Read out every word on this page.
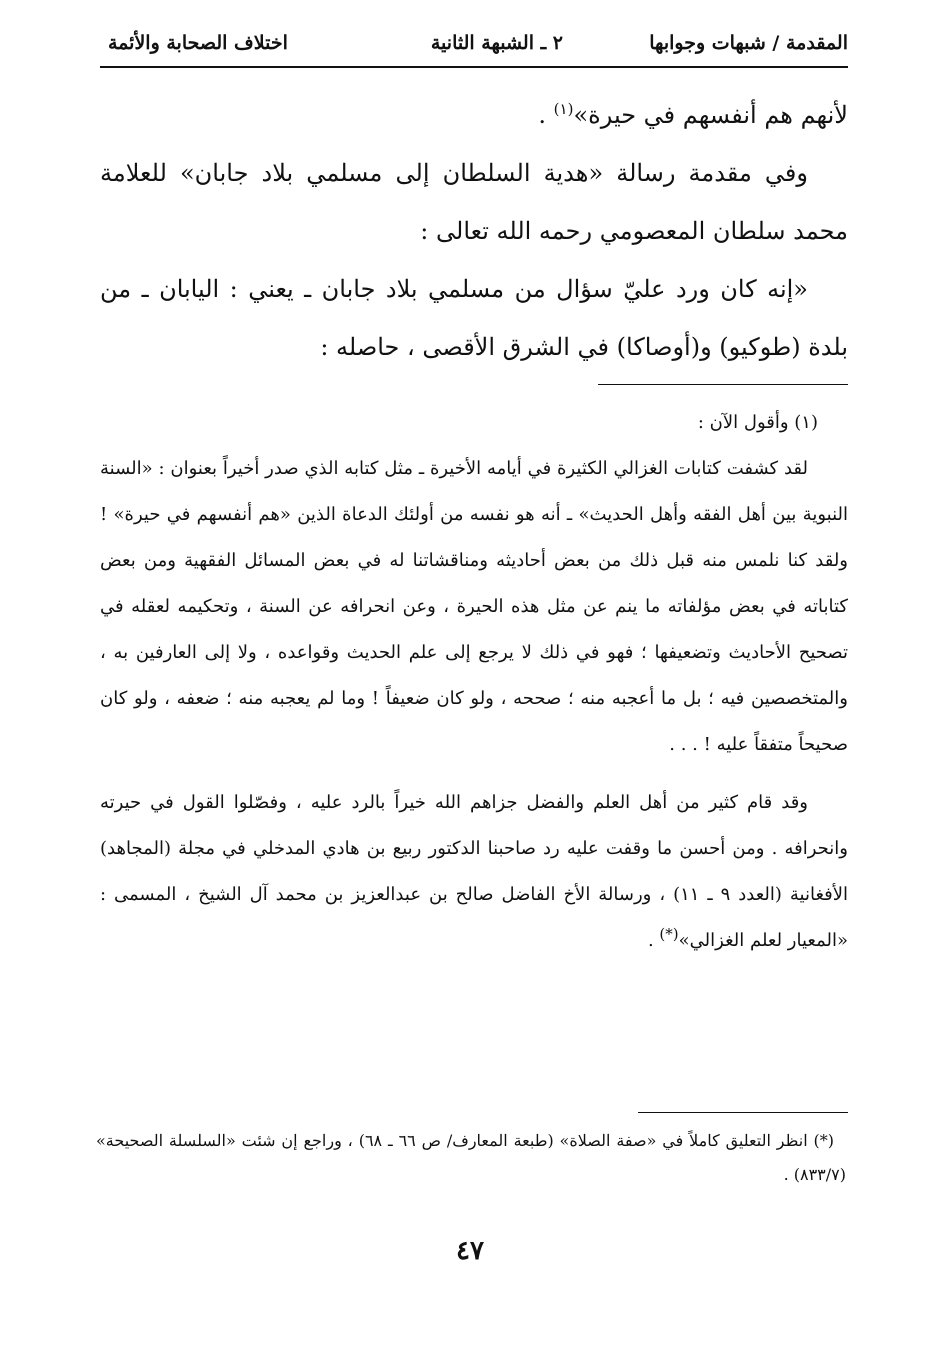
المقدمة / شبهات وجوابها
٢ ـ الشبهة الثانية
اختلاف الصحابة والأئمة

لأنهم هم أنفسهم في حيرة»$^{(١)}$ .

وفي مقدمة رسالة «هدية السلطان إلى مسلمي بلاد جابان» للعلامة محمد سلطان المعصومي رحمه الله تعالى :

«إنه كان ورد عليّ سؤال من مسلمي بلاد جابان ـ يعني : اليابان ـ من بلدة (طوكيو) و(أوصاكا) في الشرق الأقصى ، حاصله :

(١) وأقول الآن :

لقد كشفت كتابات الغزالي الكثيرة في أيامه الأخيرة ـ مثل كتابه الذي صدر أخيراً بعنوان : «السنة النبوية بين أهل الفقه وأهل الحديث» ـ أنه هو نفسه من أولئك الدعاة الذين «هم أنفسهم في حيرة» ! ولقد كنا نلمس منه قبل ذلك من بعض أحاديثه ومناقشاتنا له في بعض المسائل الفقهية ومن بعض كتاباته في بعض مؤلفاته ما ينم عن مثل هذه الحيرة ، وعن انحرافه عن السنة ، وتحكيمه لعقله في تصحيح الأحاديث وتضعيفها ؛ فهو في ذلك لا يرجع إلى علم الحديث وقواعده ، ولا إلى العارفين به ، والمتخصصين فيه ؛ بل ما أعجبه منه ؛ صححه ، ولو كان ضعيفاً ! وما لم يعجبه منه ؛ ضعفه ، ولو كان صحيحاً متفقاً عليه ! . . .

وقد قام كثير من أهل العلم والفضل جزاهم الله خيراً بالرد عليه ، وفصّلوا القول في حيرته وانحرافه . ومن أحسن ما وقفت عليه رد صاحبنا الدكتور ربيع بن هادي المدخلي في مجلة (المجاهد) الأفغانية (العدد ٩ ـ ١١) ، ورسالة الأخ الفاضل صالح بن عبدالعزيز بن محمد آل الشيخ ، المسمى : «المعيار لعلم الغزالي»(*) .

(*) انظر التعليق كاملاً في «صفة الصلاة» (طبعة المعارف/ ص ٦٦ ـ ٦٨) ، وراجع إن شئت «السلسلة الصحيحة» (٨٣٣/٧) .

٤٧
